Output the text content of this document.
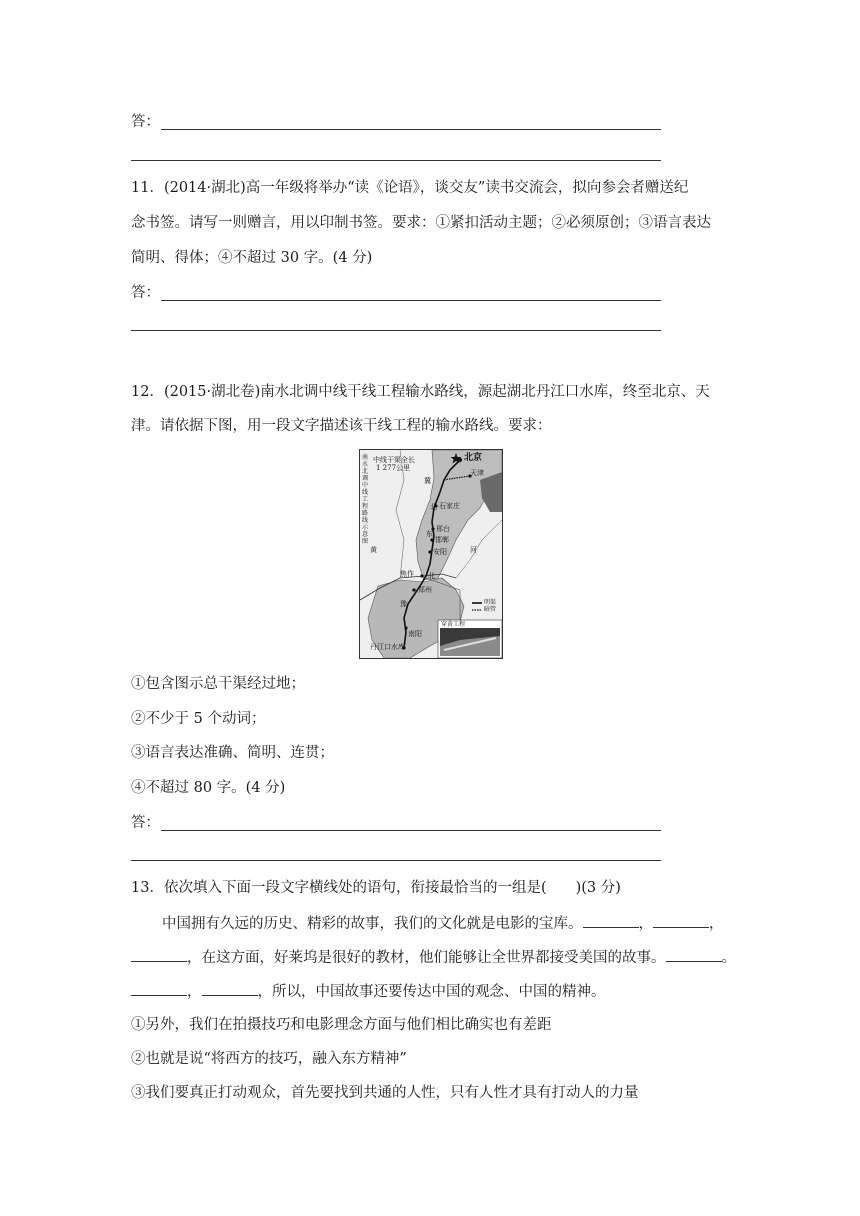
答：
11．(2014·湖北)高一年级将举办“读《论语》，谈交友”读书交流会，拟向参会者赠送纪
念书签。请写一则赠言，用以印制书签。要求：①紧扣活动主题；②必须原创；③语言表达
简明、得体；④不超过 30 字。(4 分)
答：
12．(2015·湖北卷)南水北调中线干线工程输水路线，源起湖北丹江口水库，终至北京、天
津。请依据下图，用一段文字描述该干线工程的输水路线。要求：
南水北调中线工程路线示意图
中线干渠全长
1 277公里
北京
天津
石家庄
邢台
邯郸
安阳
焦作
郑州
南阳
丹江口水库
冀
北
东
北
豫
黄	河
明渠
暗管
穿黄工程
①包含图示总干渠经过地；
②不少于 5 个动词；
③语言表达准确、简明、连贯；
④不超过 80 字。(4 分)
答：
13．依次填入下面一段文字横线处的语句，衔接最恰当的一组是(　　)(3 分)
中国拥有久远的历史、精彩的故事，我们的文化就是电影的宝库。	，	，
，在这方面，好莱坞是很好的教材，他们能够让全世界都接受美国的故事。	。
，	，所以，中国故事还要传达中国的观念、中国的精神。
①另外，我们在拍摄技巧和电影理念方面与他们相比确实也有差距
②也就是说“将西方的技巧，融入东方精神”
③我们要真正打动观众，首先要找到共通的人性，只有人性才具有打动人的力量
